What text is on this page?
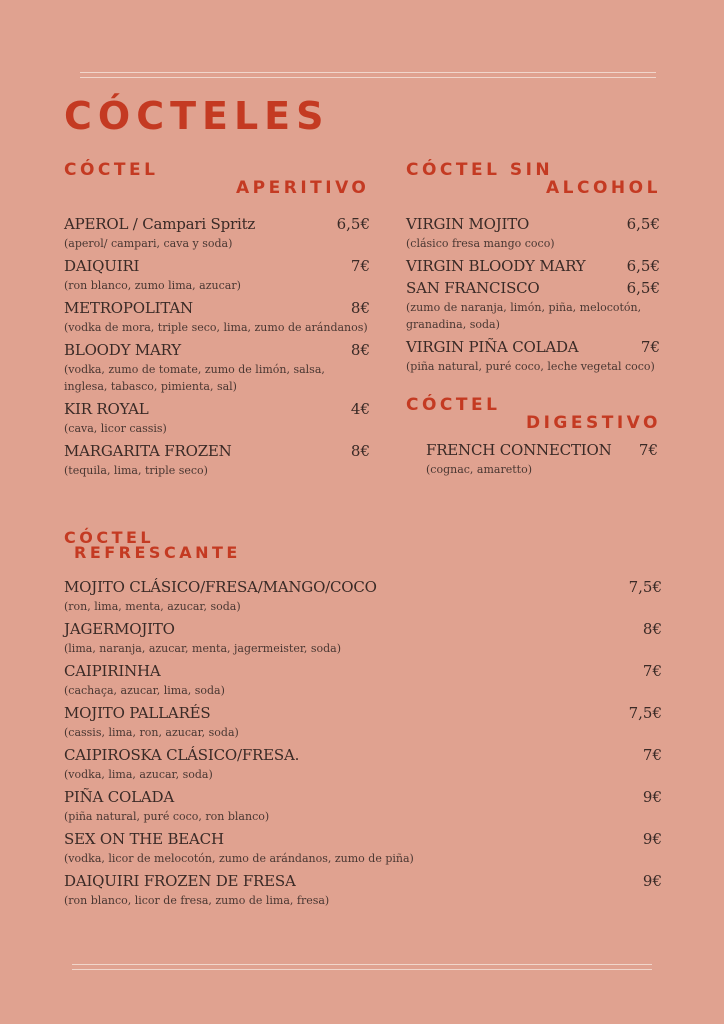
CÓCTELES
CÓCTEL
APERITIVO
APEROL / Campari Spritz	6,5€
(aperol/ campari, cava y soda)
DAIQUIRI	7€
(ron blanco, zumo lima, azucar)
METROPOLITAN	8€
(vodka de mora, triple seco, lima, zumo de arándanos)
BLOODY MARY	8€
(vodka, zumo de tomate, zumo de limón, salsa, inglesa, tabasco, pimienta, sal)
KIR ROYAL	4€
(cava, licor cassis)
MARGARITA FROZEN	8€
(tequila, lima, triple seco)
CÓCTEL SIN
ALCOHOL
VIRGIN MOJITO	6,5€
(clásico fresa mango coco)
VIRGIN BLOODY MARY	6,5€
SAN FRANCISCO	6,5€
(zumo de naranja, limón, piña, melocotón, granadina, soda)
VIRGIN PIÑA COLADA	7€
(piña natural, puré coco, leche vegetal coco)
CÓCTEL
DIGESTIVO
FRENCH CONNECTION	7€
(cognac, amaretto)
CÓCTEL
REFRESCANTE
MOJITO CLÁSICO/FRESA/MANGO/COCO	7,5€
(ron, lima, menta, azucar, soda)
JAGERMOJITO	8€
(lima, naranja, azucar, menta, jagermeister, soda)
CAIPIRINHA	7€
(cachaça, azucar, lima, soda)
MOJITO PALLARÉS	7,5€
(cassis, lima, ron, azucar, soda)
CAIPIROSKA CLÁSICO/FRESA.	7€
(vodka, lima, azucar, soda)
PIÑA COLADA	9€
(piña natural, puré coco, ron blanco)
SEX ON THE BEACH	9€
(vodka, licor de melocotón, zumo de arándanos, zumo de piña)
DAIQUIRI FROZEN DE FRESA	9€
(ron blanco, licor de fresa, zumo de lima, fresa)
